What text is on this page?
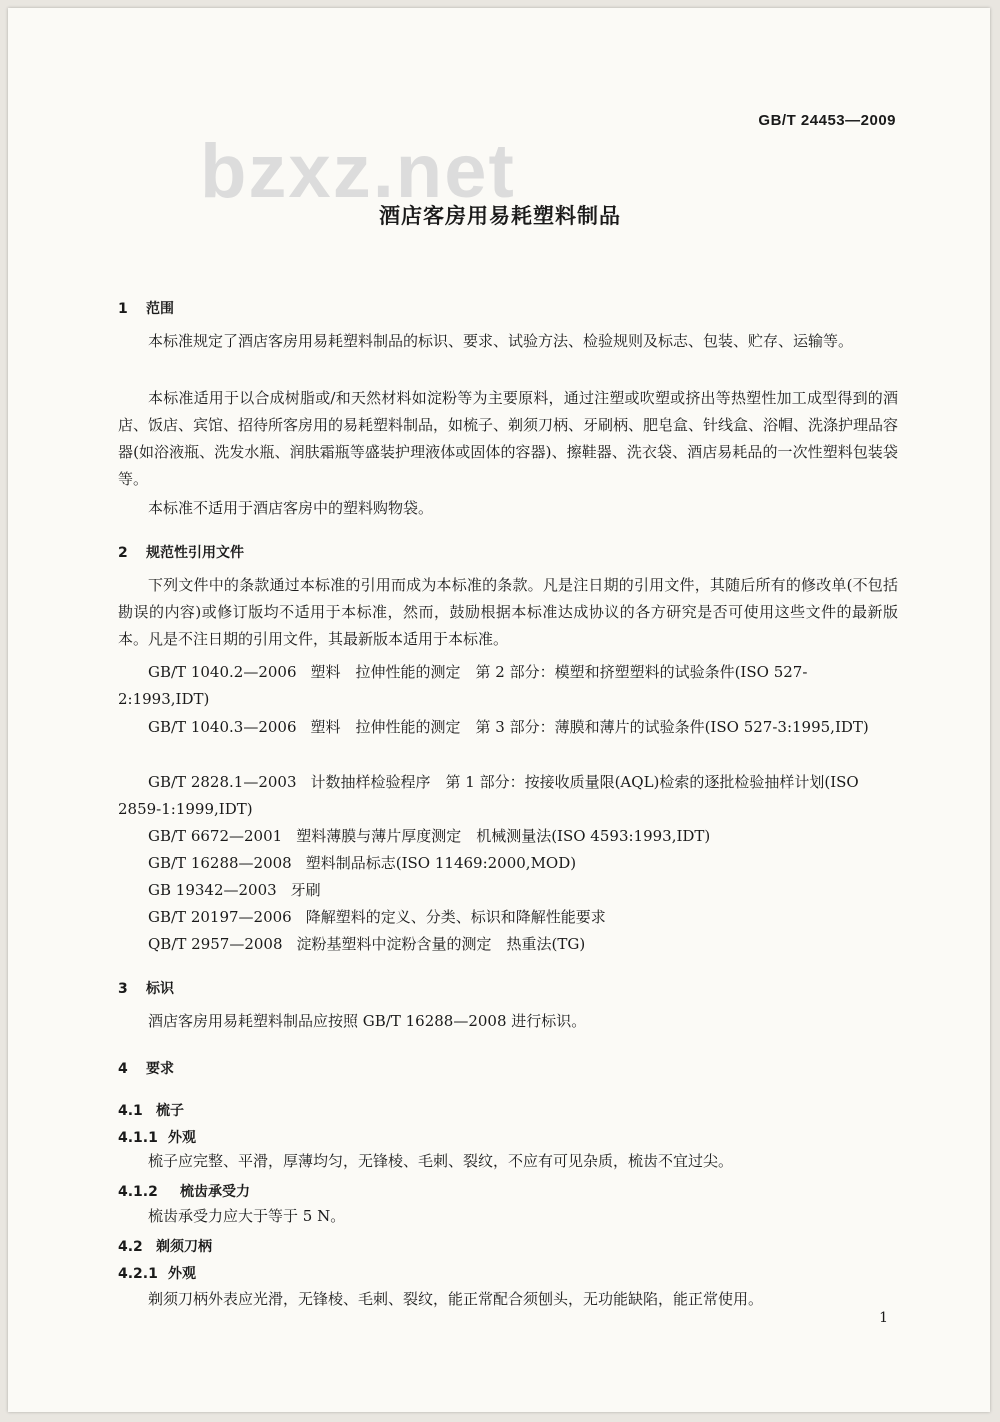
GB/T 24453—2009
bzxz.net
酒店客房用易耗塑料制品
1 范围
本标准规定了酒店客房用易耗塑料制品的标识、要求、试验方法、检验规则及标志、包装、贮存、运输等。
本标准适用于以合成树脂或/和天然材料如淀粉等为主要原料，通过注塑或吹塑或挤出等热塑性加工成型得到的酒店、饭店、宾馆、招待所客房用的易耗塑料制品，如梳子、剃须刀柄、牙刷柄、肥皂盒、针线盒、浴帽、洗涤护理品容器(如浴液瓶、洗发水瓶、润肤霜瓶等盛装护理液体或固体的容器)、擦鞋器、洗衣袋、酒店易耗品的一次性塑料包装袋等。
本标准不适用于酒店客房中的塑料购物袋。
2 规范性引用文件
下列文件中的条款通过本标准的引用而成为本标准的条款。凡是注日期的引用文件，其随后所有的修改单(不包括勘误的内容)或修订版均不适用于本标准，然而，鼓励根据本标准达成协议的各方研究是否可使用这些文件的最新版本。凡是不注日期的引用文件，其最新版本适用于本标准。
GB/T 1040.2—2006 塑料　拉伸性能的测定　第 2 部分：模塑和挤塑塑料的试验条件(ISO 527-2:1993,IDT)
GB/T 1040.3—2006 塑料　拉伸性能的测定　第 3 部分：薄膜和薄片的试验条件(ISO 527-3:1995,IDT)
GB/T 2828.1—2003 计数抽样检验程序　第 1 部分：按接收质量限(AQL)检索的逐批检验抽样计划(ISO 2859-1:1999,IDT)
GB/T 6672—2001 塑料薄膜与薄片厚度测定　机械测量法(ISO 4593:1993,IDT)
GB/T 16288—2008 塑料制品标志(ISO 11469:2000,MOD)
GB 19342—2003 牙刷
GB/T 20197—2006 降解塑料的定义、分类、标识和降解性能要求
QB/T 2957—2008 淀粉基塑料中淀粉含量的测定　热重法(TG)
3 标识
酒店客房用易耗塑料制品应按照 GB/T 16288—2008 进行标识。
4 要求
4.1 梳子
4.1.1 外观
梳子应完整、平滑，厚薄均匀，无锋棱、毛刺、裂纹，不应有可见杂质，梳齿不宜过尖。
4.1.2 梳齿承受力
梳齿承受力应大于等于 5 N。
4.2 剃须刀柄
4.2.1 外观
剃须刀柄外表应光滑，无锋棱、毛刺、裂纹，能正常配合须刨头，无功能缺陷，能正常使用。
1
